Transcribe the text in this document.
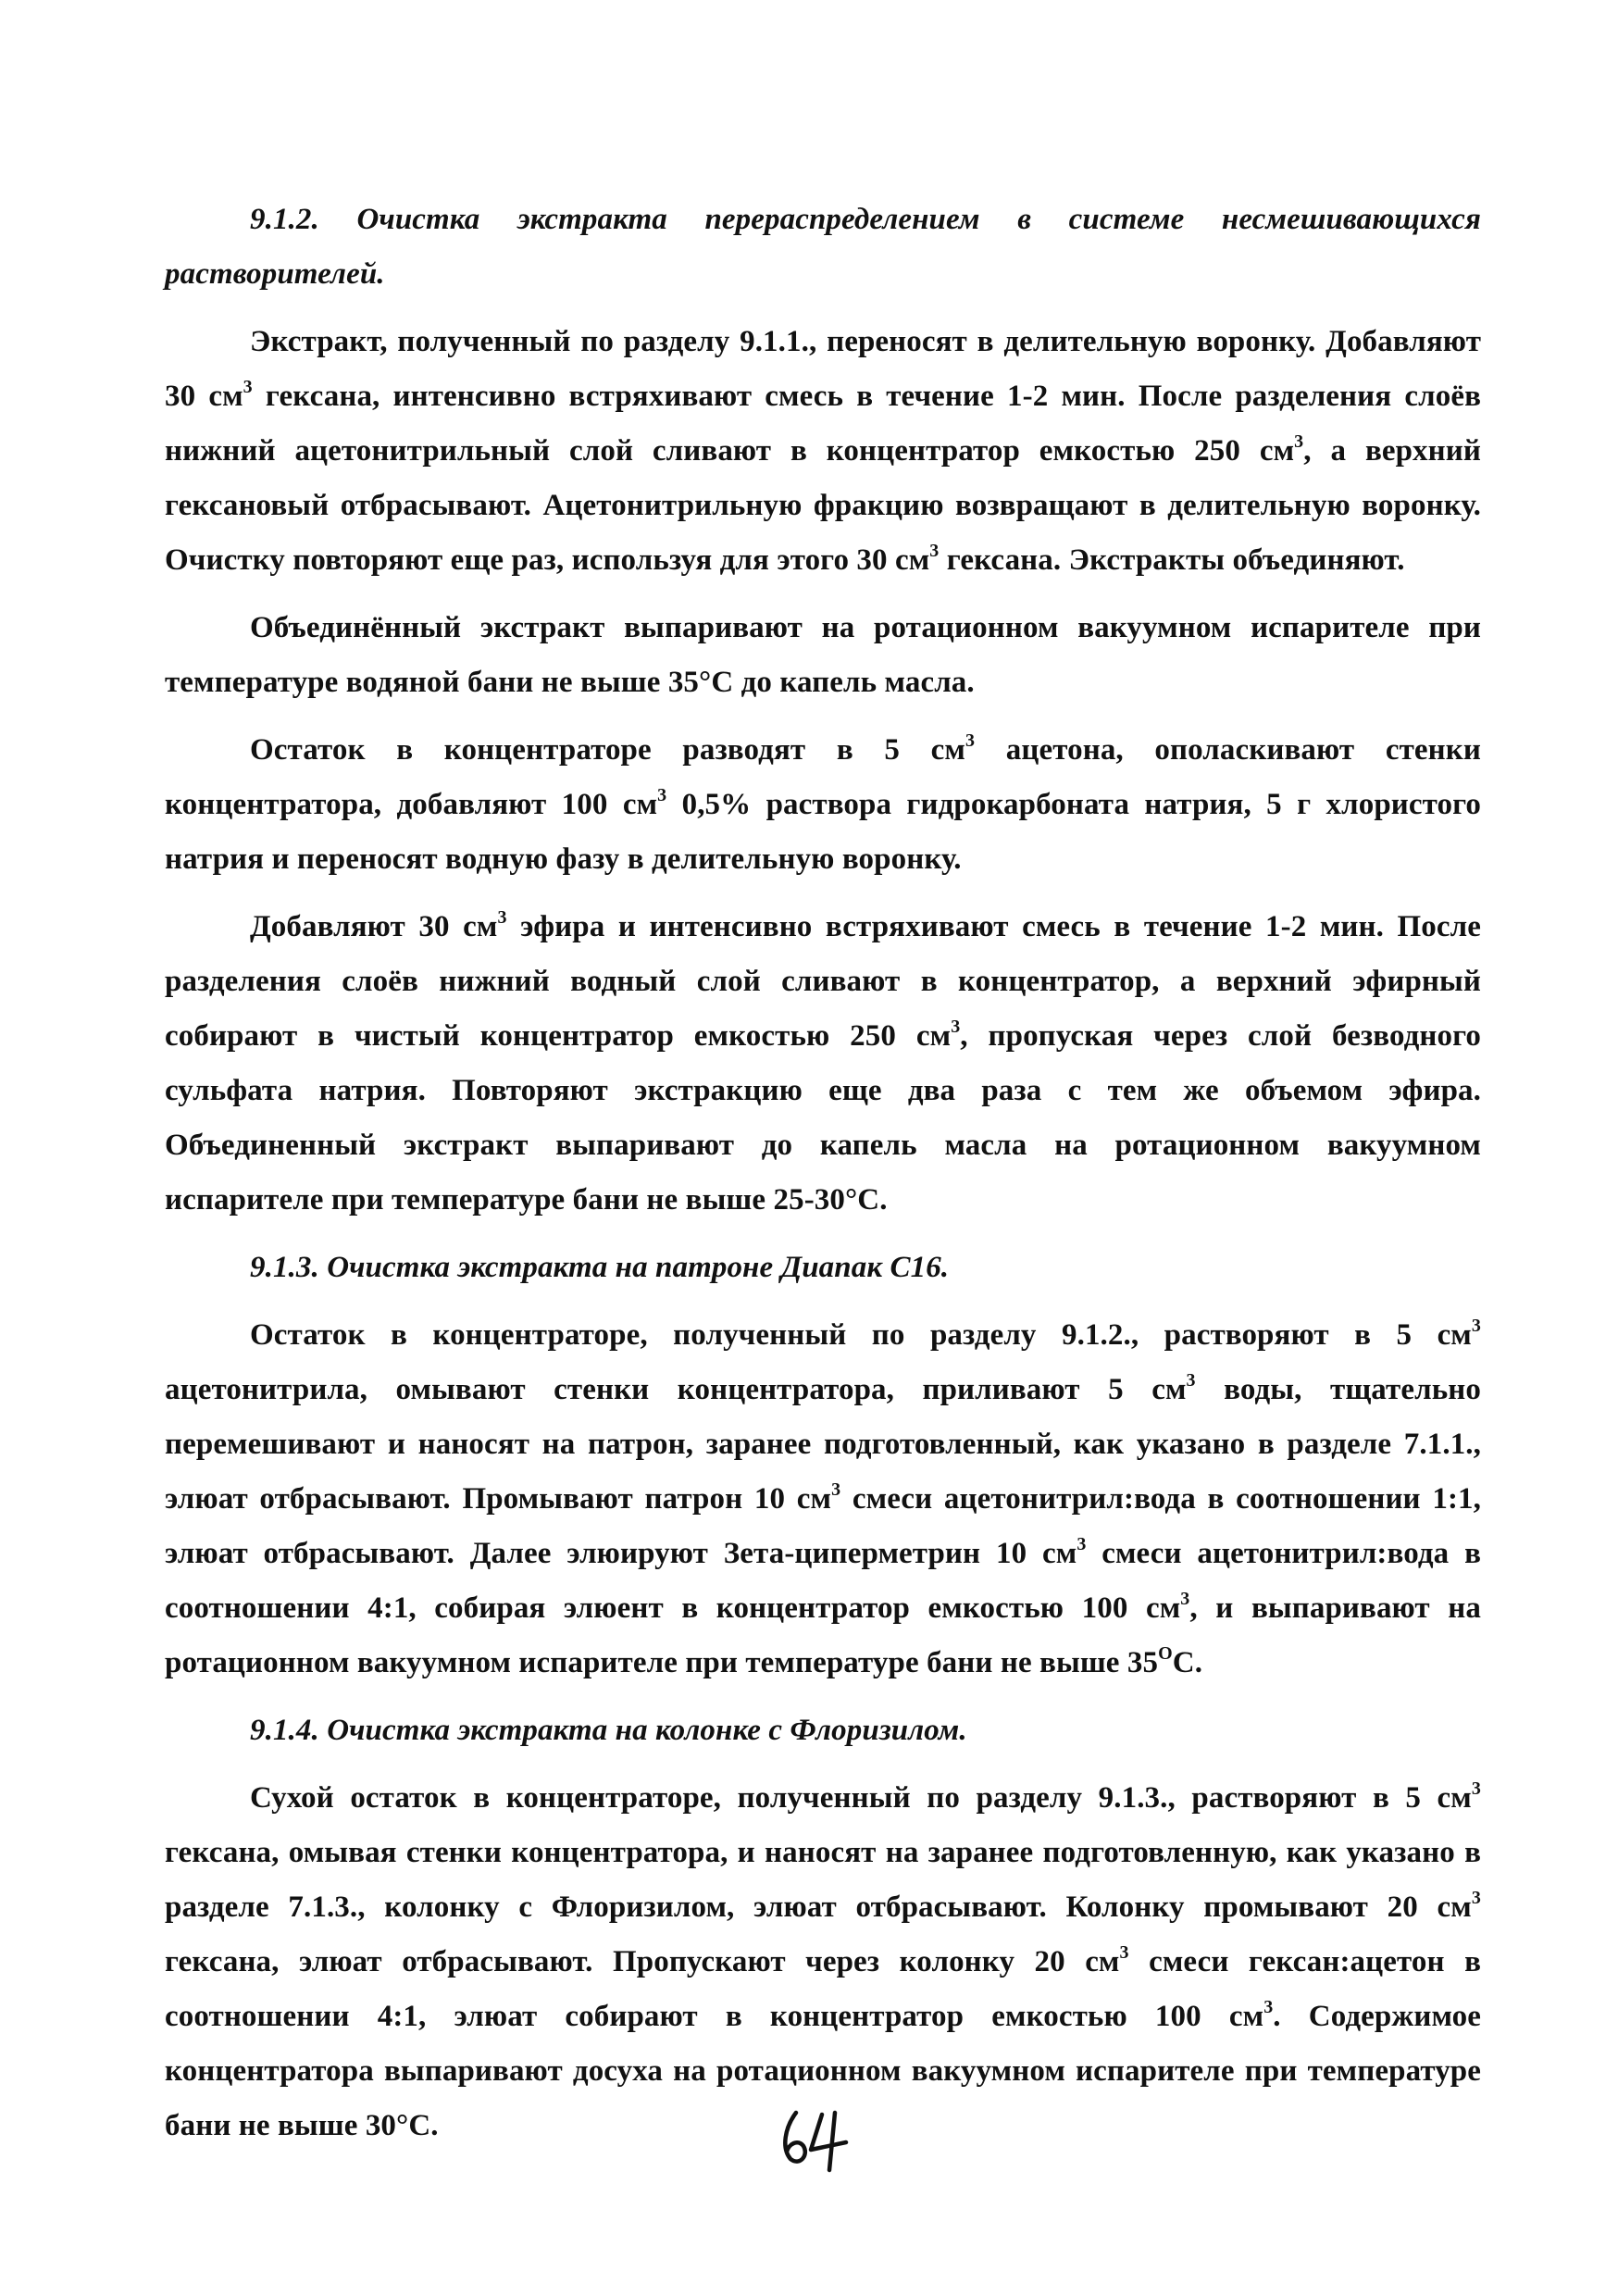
9.1.2. Очистка экстракта перераспределением в системе несмешивающихся растворителей.

Экстракт, полученный по разделу 9.1.1., переносят в делительную воронку. Добавляют 30 $см^3$ гексана, интенсивно встряхивают смесь в течение 1-2 мин. После разделения слоёв нижний ацетонитрильный слой сливают в концентратор емкостью 250 $см^3$, а верхний гексановый отбрасывают. Ацетонитрильную фракцию возвращают в делительную воронку. Очистку повторяют еще раз, используя для этого 30 $см^3$ гексана. Экстракты объединяют.

Объединённый экстракт выпаривают на ротационном вакуумном испарителе при температуре водяной бани не выше 35°С до капель масла.

Остаток в концентраторе разводят в 5 $см^3$ ацетона, ополаскивают стенки концентратора, добавляют 100 $см^3$ 0,5% раствора гидрокарбоната натрия, 5 г хлористого натрия и переносят водную фазу в делительную воронку.

Добавляют 30 $см^3$ эфира и интенсивно встряхивают смесь в течение 1-2 мин. После разделения слоёв нижний водный слой сливают в концентратор, а верхний эфирный собирают в чистый концентратор емкостью 250 $см^3$, пропуская через слой безводного сульфата натрия. Повторяют экстракцию еще два раза с тем же объемом эфира. Объединенный экстракт выпаривают до капель масла на ротационном вакуумном испарителе при температуре бани не выше 25-30°С.

9.1.3. Очистка экстракта на патроне Диапак С16.

Остаток в концентраторе, полученный по разделу 9.1.2., растворяют в 5 $см^3$ ацетонитрила, омывают стенки концентратора, приливают 5 $см^3$ воды, тщательно перемешивают и наносят на патрон, заранее подготовленный, как указано в разделе 7.1.1., элюат отбрасывают. Промывают патрон 10 $см^3$ смеси ацетонитрил:вода в соотношении 1:1, элюат отбрасывают. Далее элюируют Зета-циперметрин 10 $см^3$ смеси ацетонитрил:вода в соотношении 4:1, собирая элюент в концентратор емкостью 100 $см^3$, и выпаривают на ротационном вакуумном испарителе при температуре бани не выше $35^OС$.

9.1.4. Очистка экстракта на колонке с Флоризилом.

Сухой остаток в концентраторе, полученный по разделу 9.1.3., растворяют в 5 $см^3$ гексана, омывая стенки концентратора, и наносят на заранее подготовленную, как указано в разделе 7.1.3., колонку с Флоризилом, элюат отбрасывают. Колонку промывают 20 $см^3$ гексана, элюат отбрасывают. Пропускают через колонку 20 $см^3$ смеси гексан:ацетон в соотношении 4:1, элюат собирают в концентратор емкостью 100 $см^3$. Содержимое концентратора выпаривают досуха на ротационном вакуумном испарителе при температуре бани не выше 30°С.
